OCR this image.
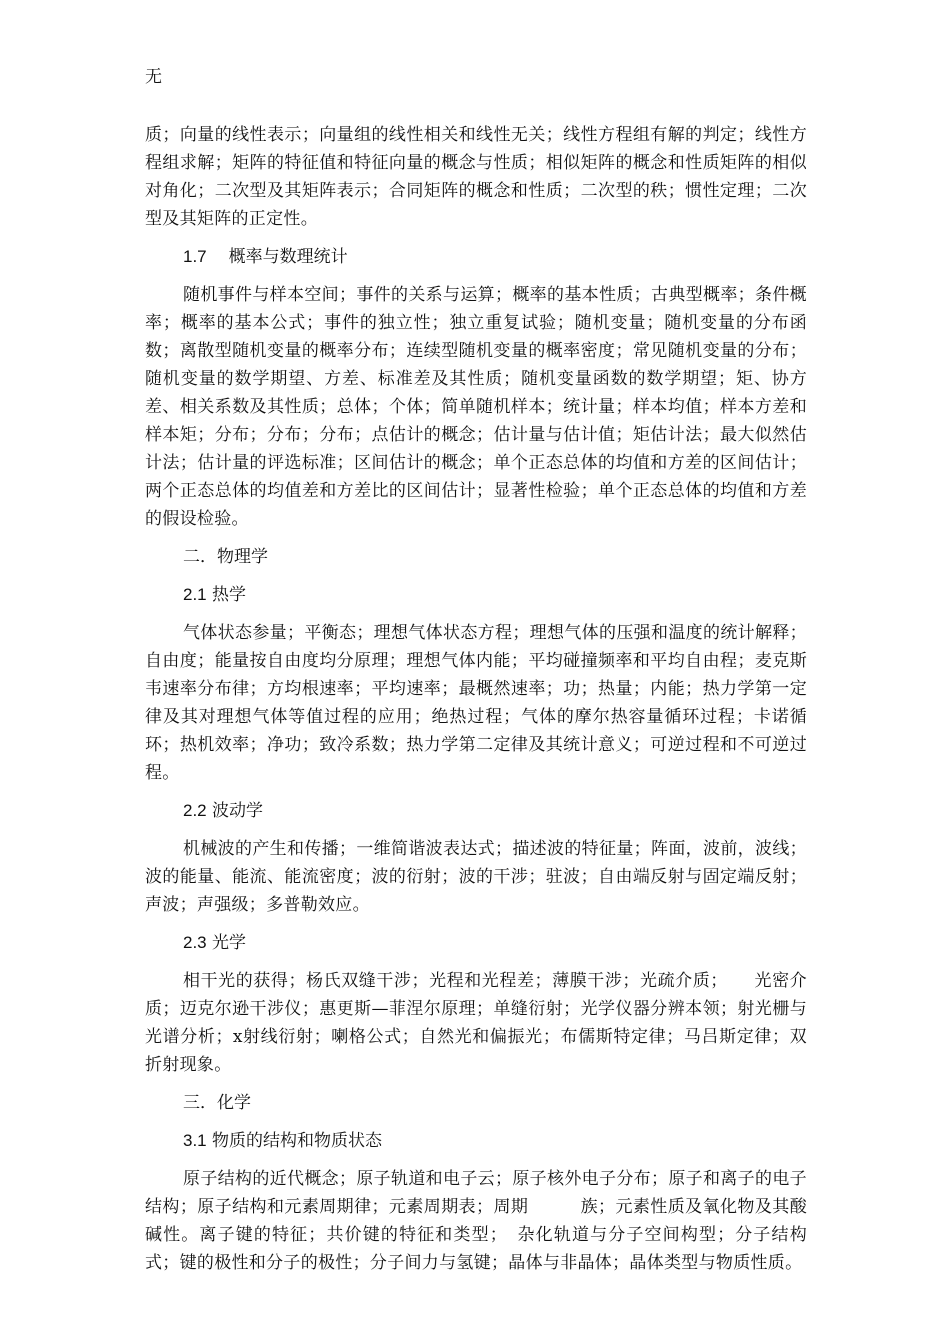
无

质；向量的线性表示；向量组的线性相关和线性无关；线性方程组有解的判定；线性方程组求解；矩阵的特征值和特征向量的概念与性质；相似矩阵的概念和性质矩阵的相似对角化；二次型及其矩阵表示；合同矩阵的概念和性质；二次型的秩；惯性定理；二次型及其矩阵的正定性。

1.7 概率与数理统计

随机事件与样本空间；事件的关系与运算；概率的基本性质；古典型概率；条件概率；概率的基本公式；事件的独立性；独立重复试验；随机变量；随机变量的分布函数；离散型随机变量的概率分布；连续型随机变量的概率密度；常见随机变量的分布；随机变量的数学期望、方差、标准差及其性质；随机变量函数的数学期望；矩、协方差、相关系数及其性质；总体；个体；简单随机样本；统计量；样本均值；样本方差和样本矩；分布；分布；分布；点估计的概念；估计量与估计值；矩估计法；最大似然估计法；估计量的评选标准；区间估计的概念；单个正态总体的均值和方差的区间估计；两个正态总体的均值差和方差比的区间估计；显著性检验；单个正态总体的均值和方差的假设检验。

二．物理学
2.1 热学

气体状态参量；平衡态；理想气体状态方程；理想气体的压强和温度的统计解释；自由度；能量按自由度均分原理；理想气体内能；平均碰撞频率和平均自由程；麦克斯韦速率分布律；方均根速率；平均速率；最概然速率；功；热量；内能；热力学第一定律及其对理想气体等值过程的应用；绝热过程；气体的摩尔热容量循环过程；卡诺循环；热机效率；净功；致冷系数；热力学第二定律及其统计意义；可逆过程和不可逆过程。

2.2 波动学

机械波的产生和传播；一维简谐波表达式；描述波的特征量；阵面，波前，波线；波的能量、能流、能流密度；波的衍射；波的干涉；驻波；自由端反射与固定端反射；声波；声强级；多普勒效应。

2.3 光学

相干光的获得；杨氏双缝干涉；光程和光程差；薄膜干涉；光疏介质；　　光密介质；迈克尔逊干涉仪；惠更斯—菲涅尔原理；单缝衍射；光学仪器分辨本领；射光栅与光谱分析；x射线衍射；喇格公式；自然光和偏振光；布儒斯特定律；马吕斯定律；双折射现象。

三．化学
3.1 物质的结构和物质状态

原子结构的近代概念；原子轨道和电子云；原子核外电子分布；原子和离子的电子结构；原子结构和元素周期律；元素周期表；周期　　　族；元素性质及氧化物及其酸碱性。离子键的特征；共价键的特征和类型；　杂化轨道与分子空间构型；分子结构式；键的极性和分子的极性；分子间力与氢键；晶体与非晶体；晶体类型与物质性质。
